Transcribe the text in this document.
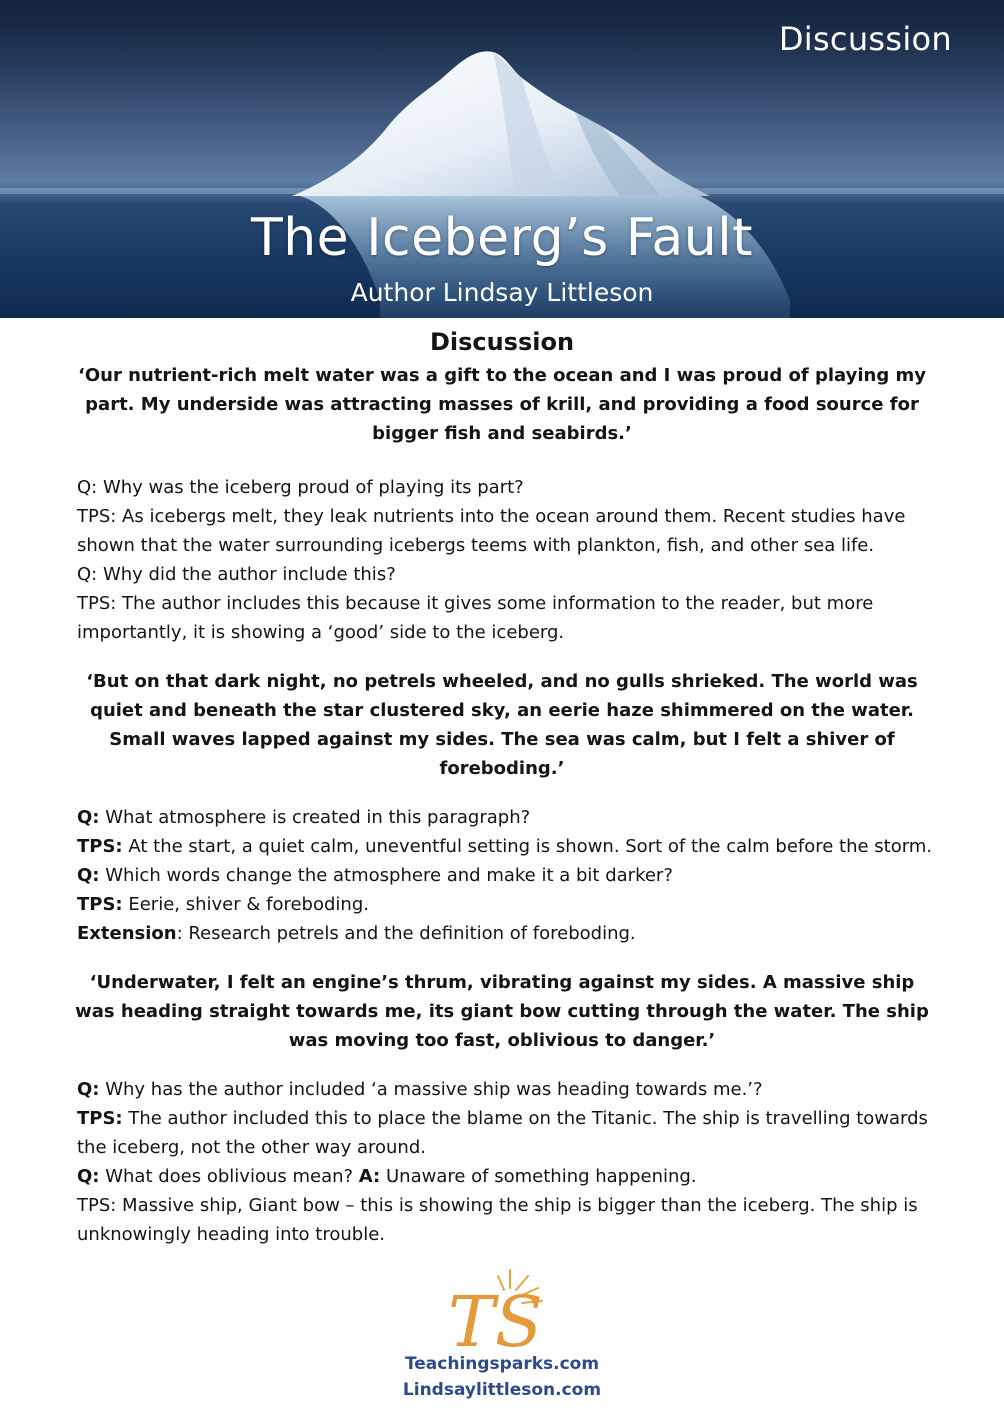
Discussion
The Iceberg’s Fault
Author Lindsay Littleson
Discussion
‘Our nutrient-rich melt water was a gift to the ocean and I was proud of playing my part. My underside was attracting masses of krill, and providing a food source for bigger fish and seabirds.’
Q: Why was the iceberg proud of playing its part?
TPS: As icebergs melt, they leak nutrients into the ocean around them. Recent studies have shown that the water surrounding icebergs teems with plankton, fish, and other sea life.
Q: Why did the author include this?
TPS: The author includes this because it gives some information to the reader, but more importantly, it is showing a ‘good’ side to the iceberg.
‘But on that dark night, no petrels wheeled, and no gulls shrieked. The world was quiet and beneath the star clustered sky, an eerie haze shimmered on the water. Small waves lapped against my sides. The sea was calm, but I felt a shiver of foreboding.’
Q: What atmosphere is created in this paragraph?
TPS: At the start, a quiet calm, uneventful setting is shown. Sort of the calm before the storm.
Q: Which words change the atmosphere and make it a bit darker?
TPS: Eerie, shiver & foreboding.
Extension: Research petrels and the definition of foreboding.
‘Underwater, I felt an engine’s thrum, vibrating against my sides. A massive ship was heading straight towards me, its giant bow cutting through the water. The ship was moving too fast, oblivious to danger.’
Q: Why has the author included ‘a massive ship was heading towards me.’?
TPS: The author included this to place the blame on the Titanic. The ship is travelling towards the iceberg, not the other way around.
Q: What does oblivious mean? A: Unaware of something happening.
TPS: Massive ship, Giant bow – this is showing the ship is bigger than the iceberg. The ship is unknowingly heading into trouble.
TS
Teachingsparks.com
Lindsaylittleson.com
